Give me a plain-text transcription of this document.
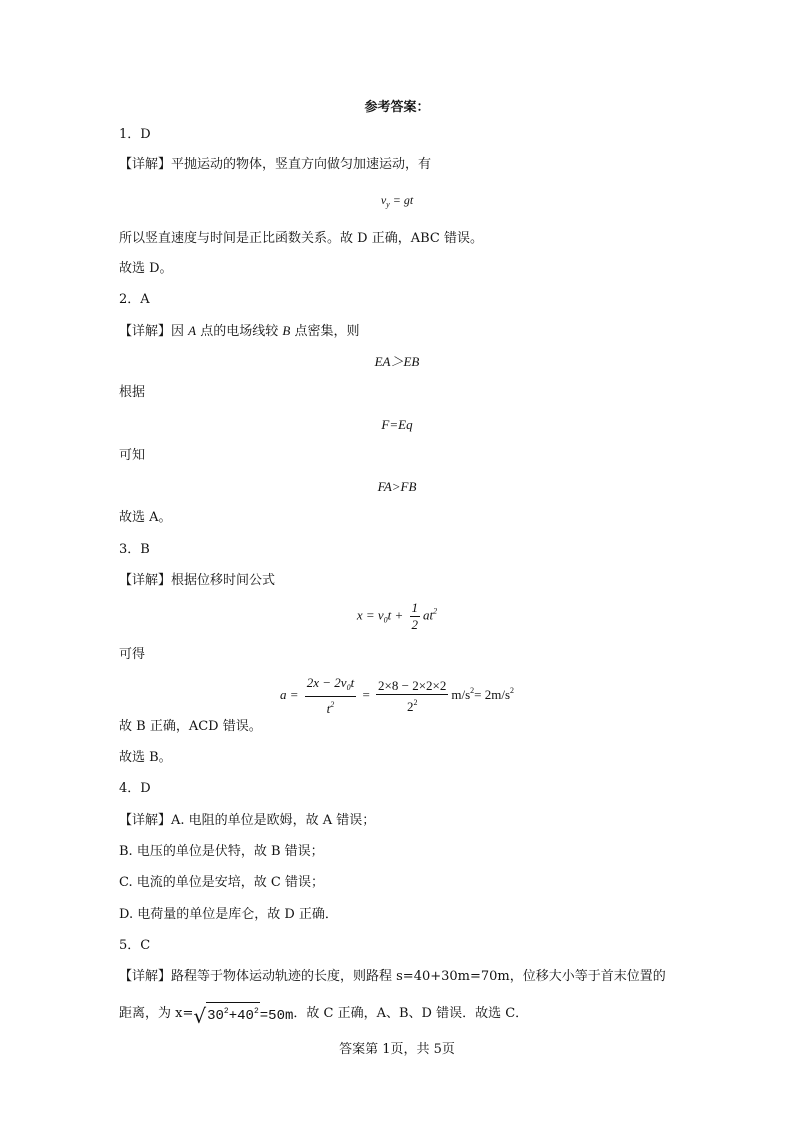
参考答案：
1．D
【详解】平抛运动的物体，竖直方向做匀加速运动，有
$v_y$ = gt
所以竖直速度与时间是正比函数关系。故 D 正确，ABC 错误。
故选 D。
2．A
【详解】因 A 点的电场线较 B 点密集，则
EA＞EB
根据
F=Eq
可知
FA>FB
故选 A。
3．B
【详解】根据位移时间公式
$x = v_0t + \frac{1}{2} at^2$
可得
$a = \frac{2x - 2v_0t}{t^2} = \frac{2\times 8 - 2\times 2\times 2}{2^2} m/s^2= 2m/s^2$
故 B 正确，ACD 错误。
故选 B。
4．D
【详解】A. 电阻的单位是欧姆，故 A 错误；
B. 电压的单位是伏特，故 B 错误；
C. 电流的单位是安培，故 C 错误；
D. 电荷量的单位是库仑，故 D 正确．
5．C
【详解】路程等于物体运动轨迹的长度，则路程 s=40+30m=70m，位移大小等于首末位置的
距离，为 x= √ $30^2+40^2 =50m$ ．故 C 正确，A、B、D 错误．故选 C．
答案第 1页，共 5页
